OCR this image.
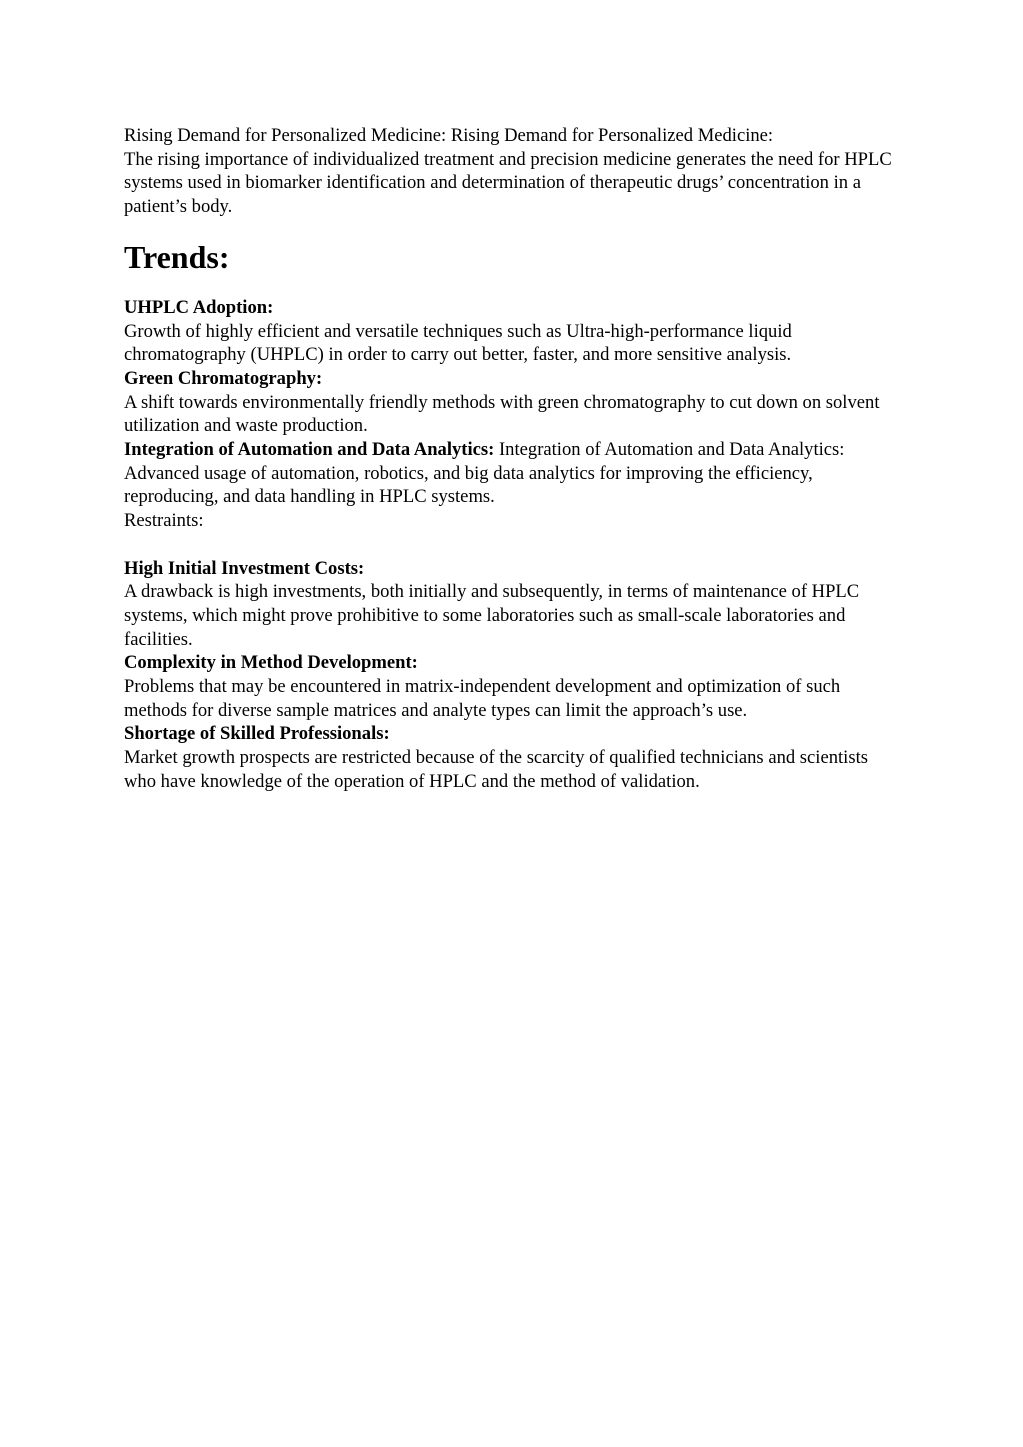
Rising Demand for Personalized Medicine: Rising Demand for Personalized Medicine:

The rising importance of individualized treatment and precision medicine generates the need for HPLC systems used in biomarker identification and determination of therapeutic drugs’ concentration in a patient’s body.

Trends:

UHPLC Adoption:

Growth of highly efficient and versatile techniques such as Ultra-high-performance liquid chromatography (UHPLC) in order to carry out better, faster, and more sensitive analysis.

Green Chromatography:

A shift towards environmentally friendly methods with green chromatography to cut down on solvent utilization and waste production.

Integration of Automation and Data Analytics: Integration of Automation and Data Analytics:

Advanced usage of automation, robotics, and big data analytics for improving the efficiency, reproducing, and data handling in HPLC systems.

Restraints:

High Initial Investment Costs:

A drawback is high investments, both initially and subsequently, in terms of maintenance of HPLC systems, which might prove prohibitive to some laboratories such as small-scale laboratories and facilities.

Complexity in Method Development:

Problems that may be encountered in matrix-independent development and optimization of such methods for diverse sample matrices and analyte types can limit the approach’s use.

Shortage of Skilled Professionals:

Market growth prospects are restricted because of the scarcity of qualified technicians and scientists who have knowledge of the operation of HPLC and the method of validation.
